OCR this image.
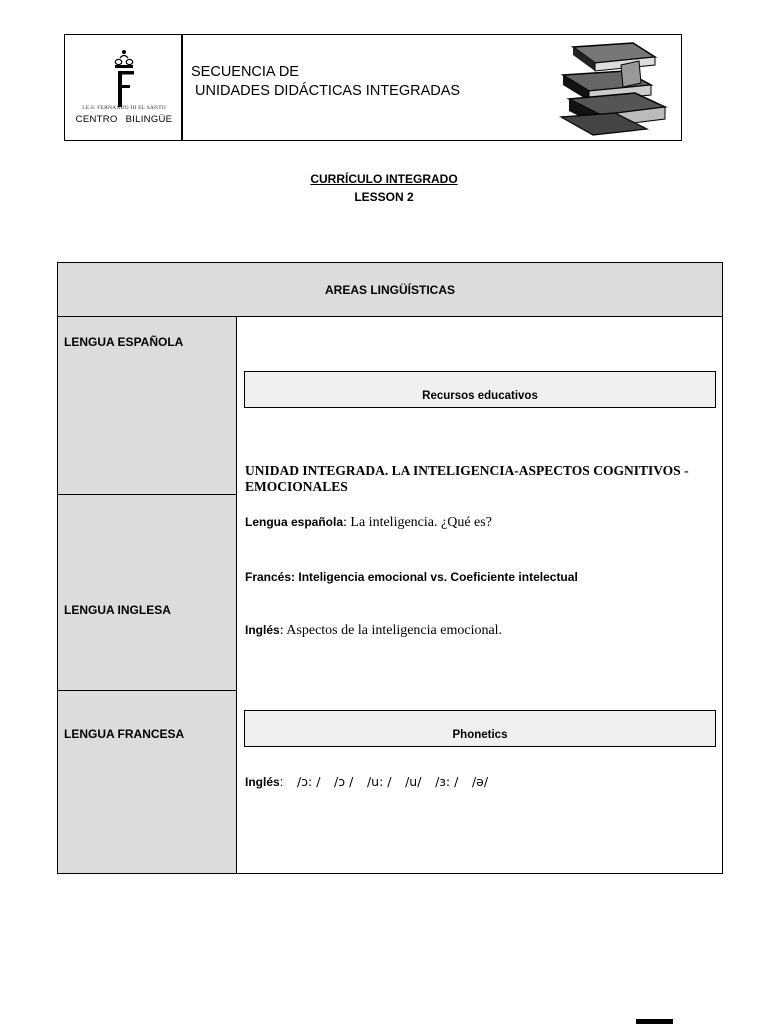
CENTRO BILINGÜE
I.E.S. FERNANDO III EL SANTO
SECUENCIA DE
UNIDADES DIDÁCTICAS INTEGRADAS
CURRÍCULO INTEGRADO
LESSON 2
AREAS LINGÜÍSTICAS
LENGUA ESPAÑOLA
LENGUA INGLESA
LENGUA FRANCESA
Recursos educativos
UNIDAD INTEGRADA. LA INTELIGENCIA-ASPECTOS COGNITIVOS -EMOCIONALES
Lengua española: La inteligencia. ¿Qué es?
Francés: Inteligencia emocional vs. Coeficiente intelectual
Inglés: Aspectos de la inteligencia emocional.
Phonetics
Inglés: /ɔ: / /ɔ / /u: / /u/ /ɜ: / /ə/
